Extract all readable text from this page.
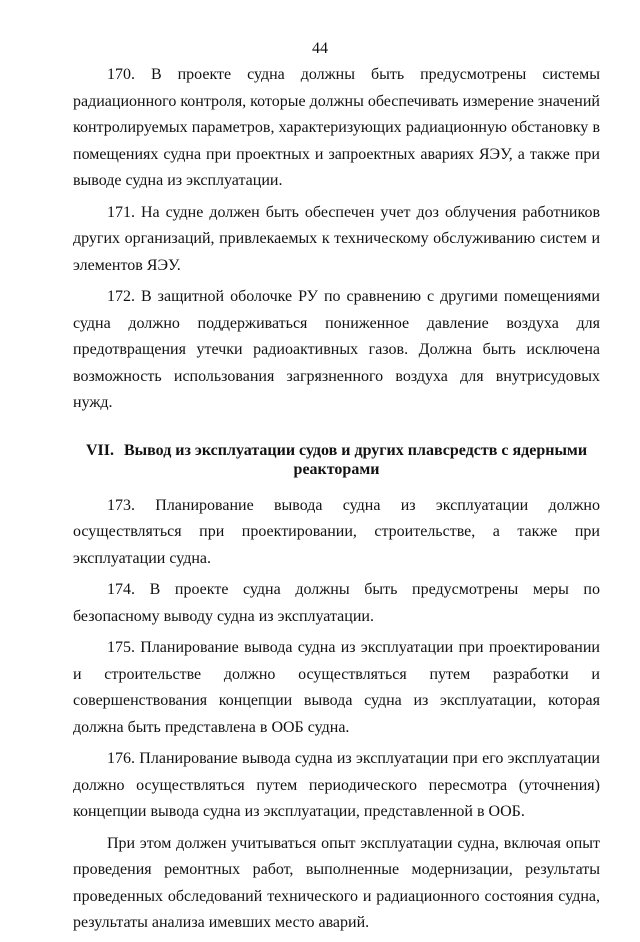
44

170. В проекте судна должны быть предусмотрены системы радиационного контроля, которые должны обеспечивать измерение значений контролируемых параметров, характеризующих радиационную обстановку в помещениях судна при проектных и запроектных авариях ЯЭУ, а также при выводе судна из эксплуатации.

171. На судне должен быть обеспечен учет доз облучения работников других организаций, привлекаемых к техническому обслуживанию систем и элементов ЯЭУ.

172. В защитной оболочке РУ по сравнению с другими помещениями судна должно поддерживаться пониженное давление воздуха для предотвращения утечки радиоактивных газов. Должна быть исключена возможность использования загрязненного воздуха для внутрисудовых нужд.

VII. Вывод из эксплуатации судов и других плавсредств с ядерными реакторами

173. Планирование вывода судна из эксплуатации должно осуществляться при проектировании, строительстве, а также при эксплуатации судна.

174. В проекте судна должны быть предусмотрены меры по безопасному выводу судна из эксплуатации.

175. Планирование вывода судна из эксплуатации при проектировании и строительстве должно осуществляться путем разработки и совершенствования концепции вывода судна из эксплуатации, которая должна быть представлена в ООБ судна.

176. Планирование вывода судна из эксплуатации при его эксплуатации должно осуществляться путем периодического пересмотра (уточнения) концепции вывода судна из эксплуатации, представленной в ООБ.

При этом должен учитываться опыт эксплуатации судна, включая опыт проведения ремонтных работ, выполненные модернизации, результаты проведенных обследований технического и радиационного состояния судна, результаты анализа имевших место аварий.
